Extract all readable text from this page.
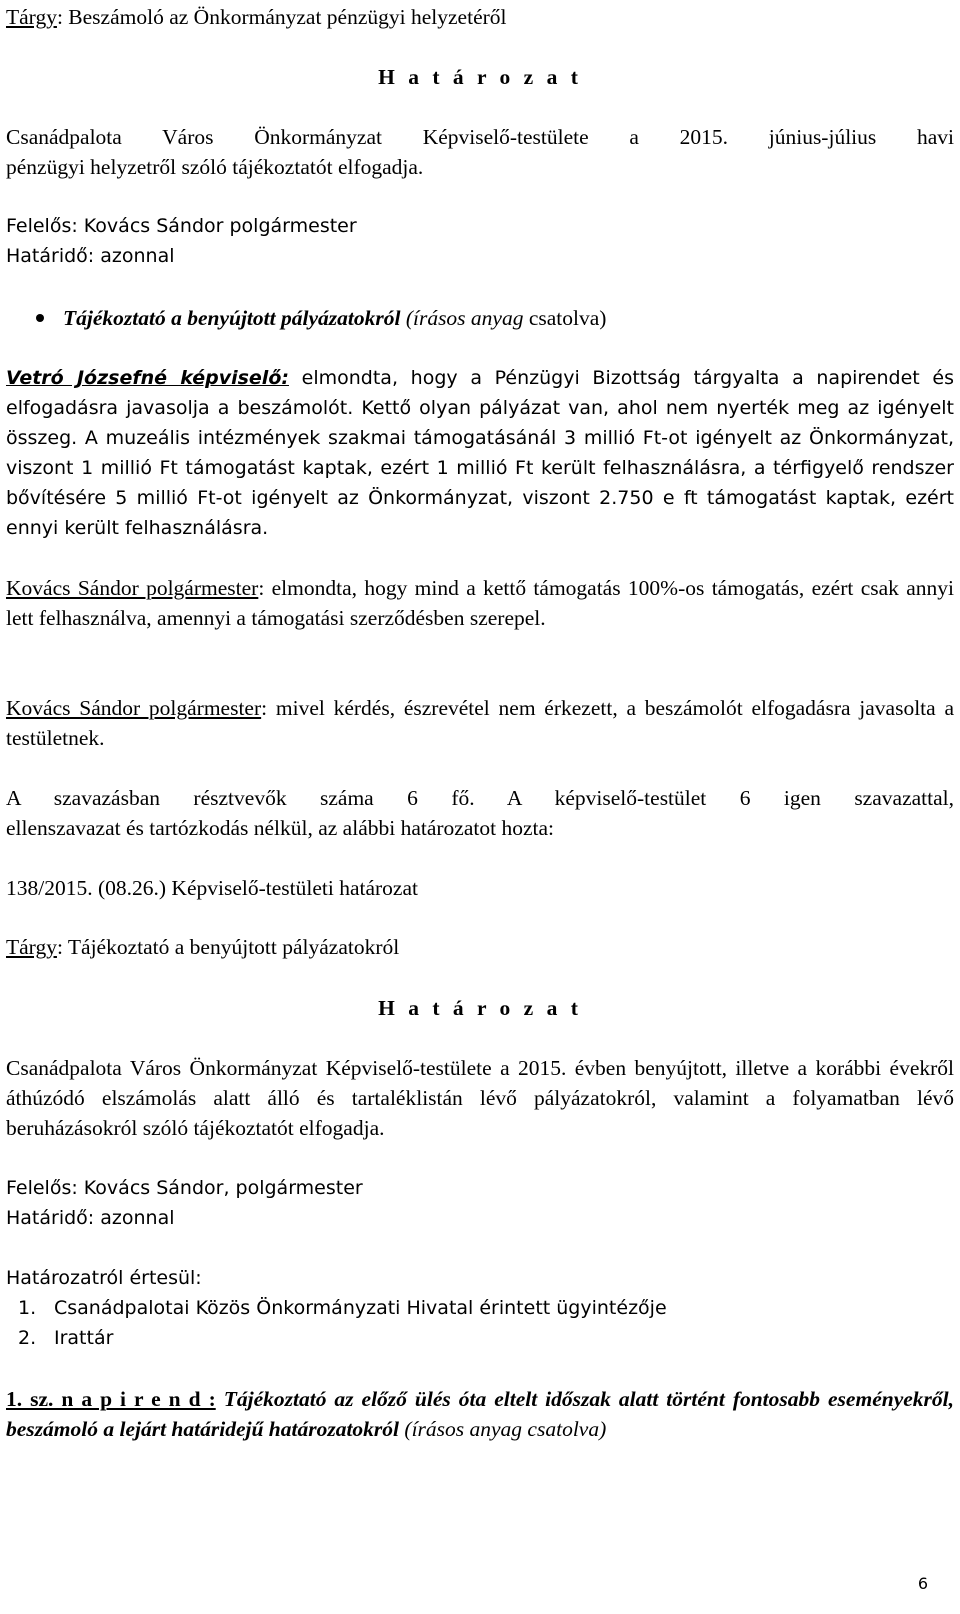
Tárgy: Beszámoló az Önkormányzat pénzügyi helyzetéről

H a t á r o z a t

Csanádpalota Város Önkormányzat Képviselő-testülete a 2015. június-július havi

pénzügyi helyzetről szóló tájékoztatót elfogadja.

Felelős: Kovács Sándor polgármester

Határidő: azonnal

Tájékoztató a benyújtott pályázatokról (írásos anyag csatolva)

Vetró Józsefné képviselő: elmondta, hogy a Pénzügyi Bizottság tárgyalta a napirendet és elfogadásra javasolja a beszámolót. Kettő olyan pályázat van, ahol nem nyerték meg az igényelt összeg. A muzeális intézmények szakmai támogatásánál 3 millió Ft-ot igényelt az Önkormányzat, viszont 1 millió Ft támogatást kaptak, ezért 1 millió Ft került felhasználásra, a térfigyelő rendszer bővítésére 5 millió Ft-ot igényelt az Önkormányzat, viszont 2.750 e ft támogatást kaptak, ezért ennyi került felhasználásra.

Kovács Sándor polgármester: elmondta, hogy mind a kettő támogatás 100%-os támogatás, ezért csak annyi lett felhasználva, amennyi a támogatási szerződésben szerepel.

Kovács Sándor polgármester: mivel kérdés, észrevétel nem érkezett, a beszámolót elfogadásra javasolta a testületnek.

A szavazásban résztvevők száma 6 fő. A képviselő-testület 6 igen szavazattal,

ellenszavazat és tartózkodás nélkül, az alábbi határozatot hozta:

138/2015. (08.26.) Képviselő-testületi határozat

Tárgy: Tájékoztató a benyújtott pályázatokról

H a t á r o z a t

Csanádpalota Város Önkormányzat Képviselő-testülete a 2015. évben benyújtott, illetve a korábbi évekről áthúzódó elszámolás alatt álló és tartaléklistán lévő pályázatokról, valamint a folyamatban lévő beruházásokról szóló tájékoztatót elfogadja.

Felelős: Kovács Sándor, polgármester

Határidő: azonnal

Határozatról értesül:

1. Csanádpalotai Közös Önkormányzati Hivatal érintett ügyintézője
2. Irattár

1. sz. n a p i r e n d : Tájékoztató az előző ülés óta eltelt időszak alatt történt fontosabb eseményekről, beszámoló a lejárt határidejű határozatokról (írásos anyag csatolva)

6
